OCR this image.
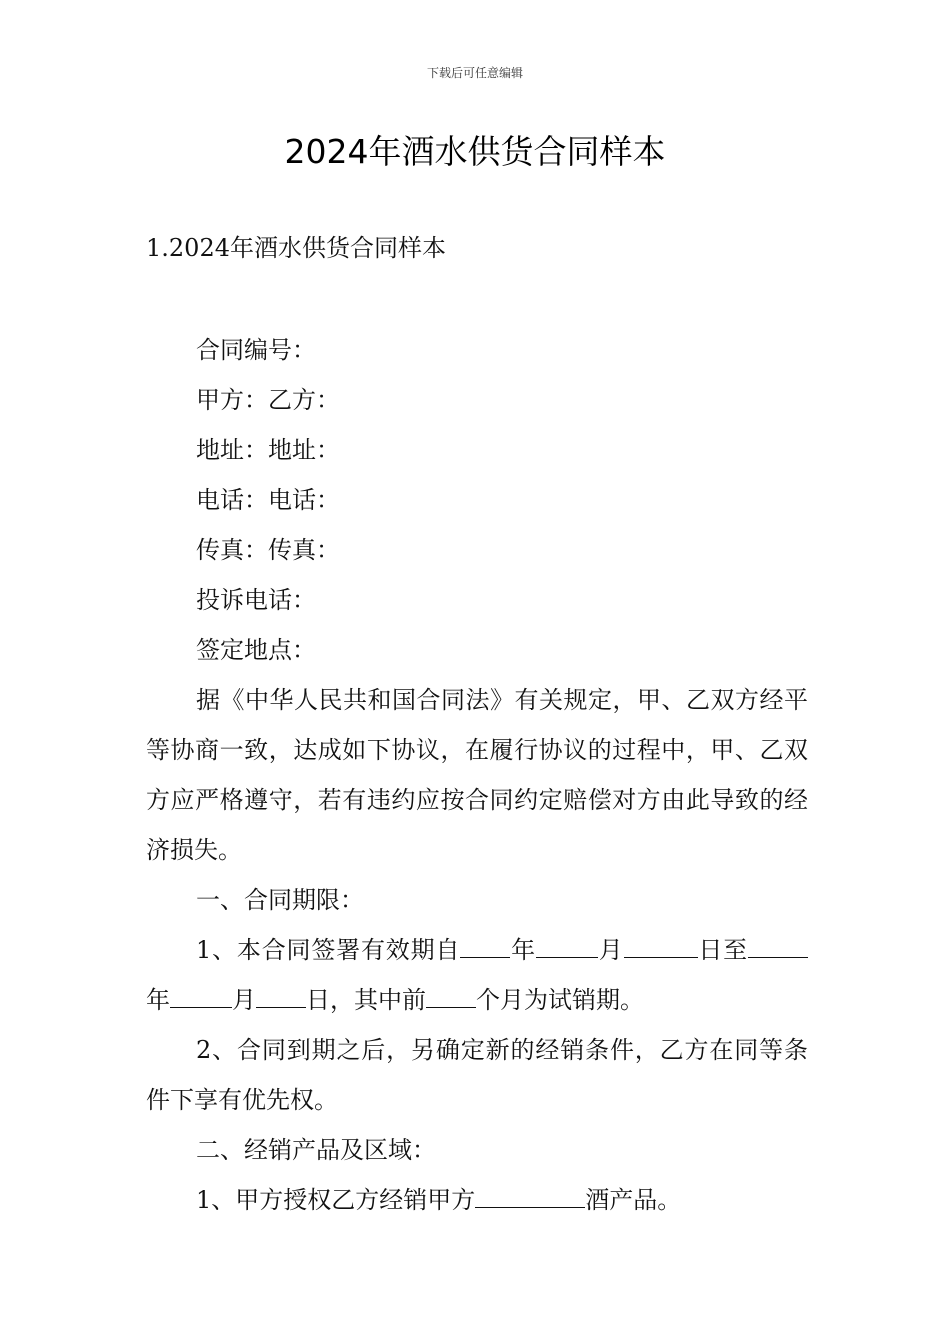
下载后可任意编辑
2024年酒水供货合同样本

1.2024年酒水供货合同样本

合同编号：
甲方：乙方：
地址：地址：
电话：电话：
传真：传真：
投诉电话：
签定地点：
据《中华人民共和国合同法》有关规定，甲、乙双方经平等协商一致，达成如下协议，在履行协议的过程中，甲、乙双方应严格遵守，若有违约应按合同约定赔偿对方由此导致的经济损失。
一、合同期限：
1、本合同签署有效期自 年	月	日至年	月 日，其中前 个月为试销期。
2、合同到期之后，另确定新的经销条件，乙方在同等条件下享有优先权。
二、经销产品及区域：
1、甲方授权乙方经销甲方	酒产品。
